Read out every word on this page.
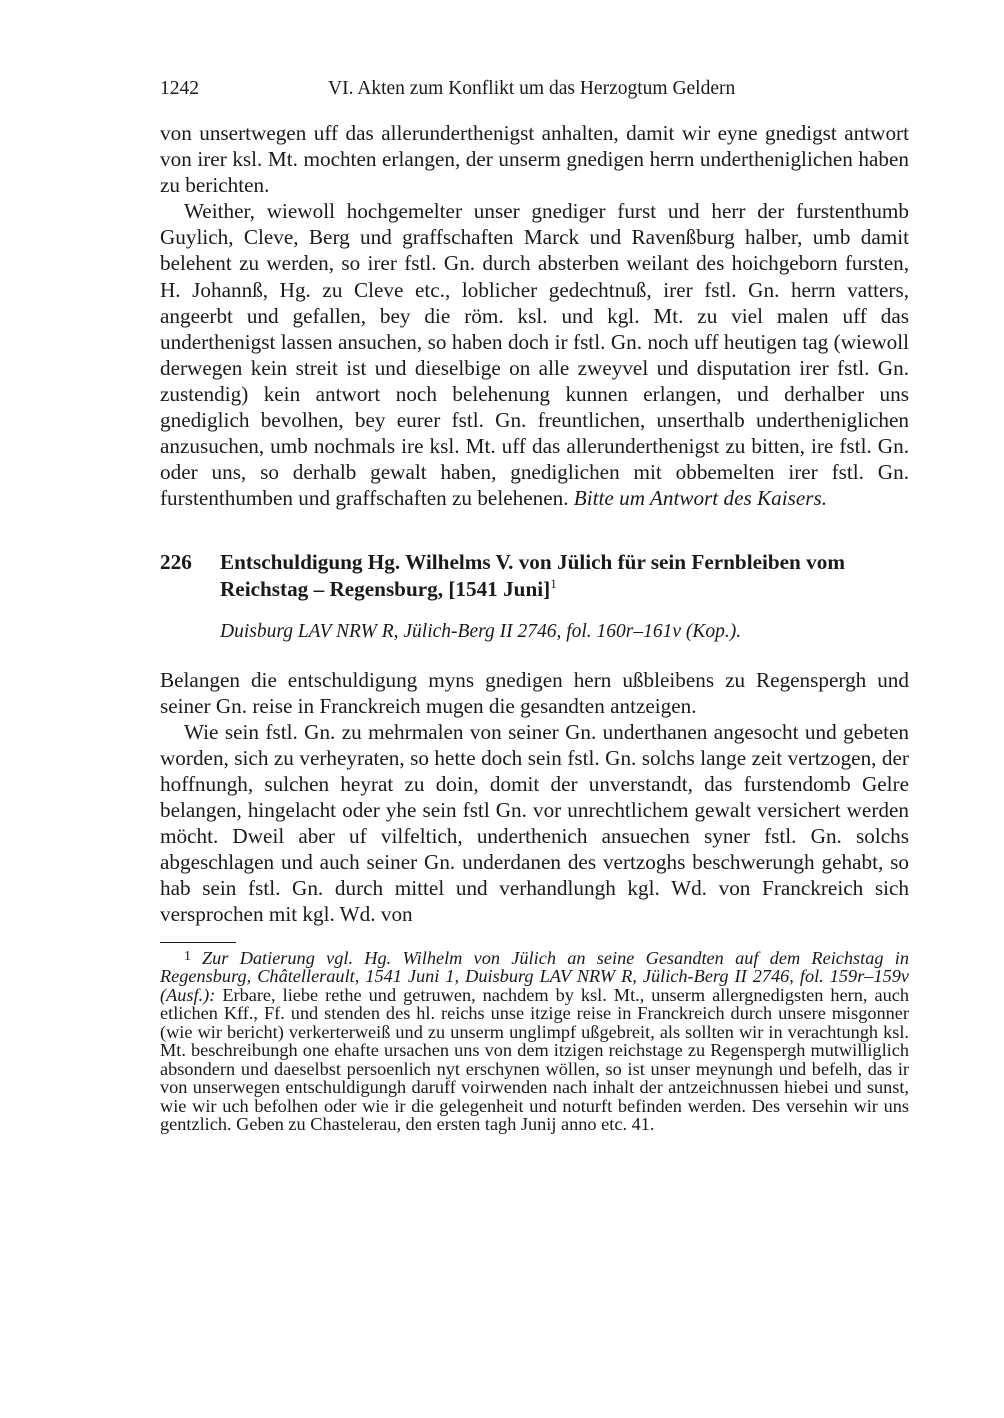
1242	VI. Akten zum Konflikt um das Herzogtum Geldern

von unsertwegen uff das allerunderthenigst anhalten, damit wir eyne gnedigst antwort von irer ksl. Mt. mochten erlangen, der unserm gnedigen herrn undertheniglichen haben zu berichten.

Weither, wiewoll hochgemelter unser gnediger furst und herr der furstenthumb Guylich, Cleve, Berg und graffschaften Marck und Ravenßburg halber, umb damit belehent zu werden, so irer fstl. Gn. durch absterben weilant des hoichgeborn fursten, H. Johannß, Hg. zu Cleve etc., loblicher gedechtnuß, irer fstl. Gn. herrn vatters, angeerbt und gefallen, bey die röm. ksl. und kgl. Mt. zu viel malen uff das underthenigst lassen ansuchen, so haben doch ir fstl. Gn. noch uff heutigen tag (wiewoll derwegen kein streit ist und dieselbige on alle zweyvel und disputation irer fstl. Gn. zustendig) kein antwort noch belehenung kunnen erlangen, und derhalber uns gnediglich bevolhen, bey eurer fstl. Gn. freuntlichen, unserthalb undertheniglichen anzusuchen, umb nochmals ire ksl. Mt. uff das allerunderthenigst zu bitten, ire fstl. Gn. oder uns, so derhalb gewalt haben, gnediglichen mit obbemelten irer fstl. Gn. furstenthumben und graffschaften zu belehenen. Bitte um Antwort des Kaisers.

226	Entschuldigung Hg. Wilhelms V. von Jülich für sein Fernbleiben vom Reichstag – Regensburg, [1541 Juni]$^1$
Duisburg LAV NRW R, Jülich-Berg II 2746, fol. 160r–161v (Kop.).

Belangen die entschuldigung myns gnedigen hern ußbleibens zu Regenspergh und seiner Gn. reise in Franckreich mugen die gesandten antzeigen.

Wie sein fstl. Gn. zu mehrmalen von seiner Gn. underthanen angesocht und gebeten worden, sich zu verheyraten, so hette doch sein fstl. Gn. solchs lange zeit vertzogen, der hoffnungh, sulchen heyrat zu doin, domit der unverstandt, das furstendomb Gelre belangen, hingelacht oder yhe sein fstl Gn. vor unrechtlichem gewalt versichert werden möcht. Dweil aber uf vilfeltich, underthenich ansuechen syner fstl. Gn. solchs abgeschlagen und auch seiner Gn. underdanen des vertzoghs beschwerungh gehabt, so hab sein fstl. Gn. durch mittel und verhandlungh kgl. Wd. von Franckreich sich versprochen mit kgl. Wd. von

1 Zur Datierung vgl. Hg. Wilhelm von Jülich an seine Gesandten auf dem Reichstag in Regensburg, Châtellerault, 1541 Juni 1, Duisburg LAV NRW R, Jülich-Berg II 2746, fol. 159r–159v (Ausf.): Erbare, liebe rethe und getruwen, nachdem by ksl. Mt., unserm allergnedigsten hern, auch etlichen Kff., Ff. und stenden des hl. reichs unse itzige reise in Franckreich durch unsere misgonner (wie wir bericht) verkerterweiß und zu unserm unglimpf ußgebreit, als sollten wir in verachtungh ksl. Mt. beschreibungh one ehafte ursachen uns von dem itzigen reichstage zu Regenspergh mutwilliglich absondern und daeselbst persoenlich nyt erschynen wöllen, so ist unser meynungh und befelh, das ir von unserwegen entschuldigungh daruff voirwenden nach inhalt der antzeichnussen hiebei und sunst, wie wir uch befolhen oder wie ir die gelegenheit und noturft befinden werden. Des versehin wir uns gentzlich. Geben zu Chastelerau, den ersten tagh Junij anno etc. 41.
